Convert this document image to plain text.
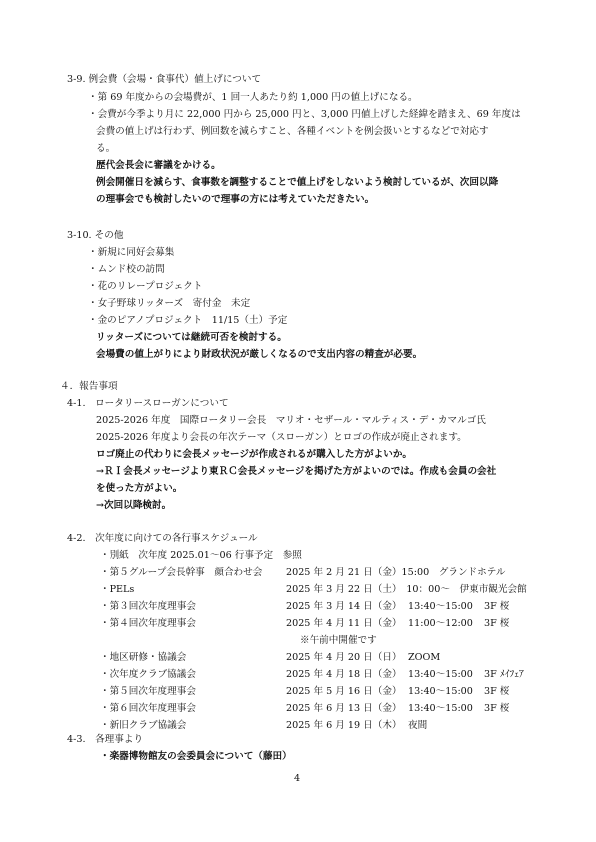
3-9. 例会費（会場・食事代）値上げについて
・第 69 年度からの会場費が、1 回一人あたり約 1,000 円の値上げになる。
・会費が今季より月に 22,000 円から 25,000 円と、3,000 円値上げした経緯を踏まえ、69 年度は
会費の値上げは行わず、例回数を減らすこと、各種イベントを例会扱いとするなどで対応す
る。
歴代会長会に審議をかける。
例会開催日を減らす、食事数を調整することで値上げをしないよう検討しているが、次回以降
の理事会でも検討したいので理事の方には考えていただきたい。
3-10. その他
・新規に同好会募集
・ムンド校の訪問
・花のリレープロジェクト
・女子野球リッターズ　寄付金　未定
・金のピアノプロジェクト　11/15（土）予定
リッターズについては継続可否を検討する。
会場費の値上がりにより財政状況が厳しくなるので支出内容の精査が必要。
４．報告事項
4-1.　ロータリースローガンについて
2025-2026 年度　国際ロータリー会長　マリオ・セザール・マルティス・デ・カマルゴ氏
2025-2026 年度より会長の年次テーマ（スローガン）とロゴの作成が廃止されます。
ロゴ廃止の代わりに会長メッセージが作成されるが購入した方がよいか。
→ＲＩ会長メッセージより東ＲＣ会長メッセージを掲げた方がよいのでは。作成も会員の会社
を使った方がよい。
→次回以降検討。
4-2.　次年度に向けての各行事スケジュール
・別紙　次年度 2025.01～06 行事予定　参照
・第５グループ会長幹事　顔合わせ会 2025 年 2 月 21 日（金）15:00　グランドホテル
・PELs	2025 年 3 月 22 日（土）　10：00～　伊東市観光会館
・第３回次年度理事会	2025 年 3 月 14 日（金） 13:40～15:00 3F 桜
・第４回次年度理事会	2025 年 4 月 11 日（金） 11:00～12:00 3F 桜
※午前中開催です
・地区研修・協議会	2025 年 4 月 20 日（日） ZOOM
・次年度クラブ協議会	2025 年 4 月 18 日（金） 13:40～15:00 3F ﾒｲﾌｪｱ
・第５回次年度理事会	2025 年 5 月 16 日（金） 13:40～15:00 3F 桜
・第６回次年度理事会	2025 年 6 月 13 日（金） 13:40～15:00 3F 桜
・新旧クラブ協議会	2025 年 6 月 19 日（木） 夜間
4-3.　各理事より
・楽器博物館友の会委員会について（藤田）
4
